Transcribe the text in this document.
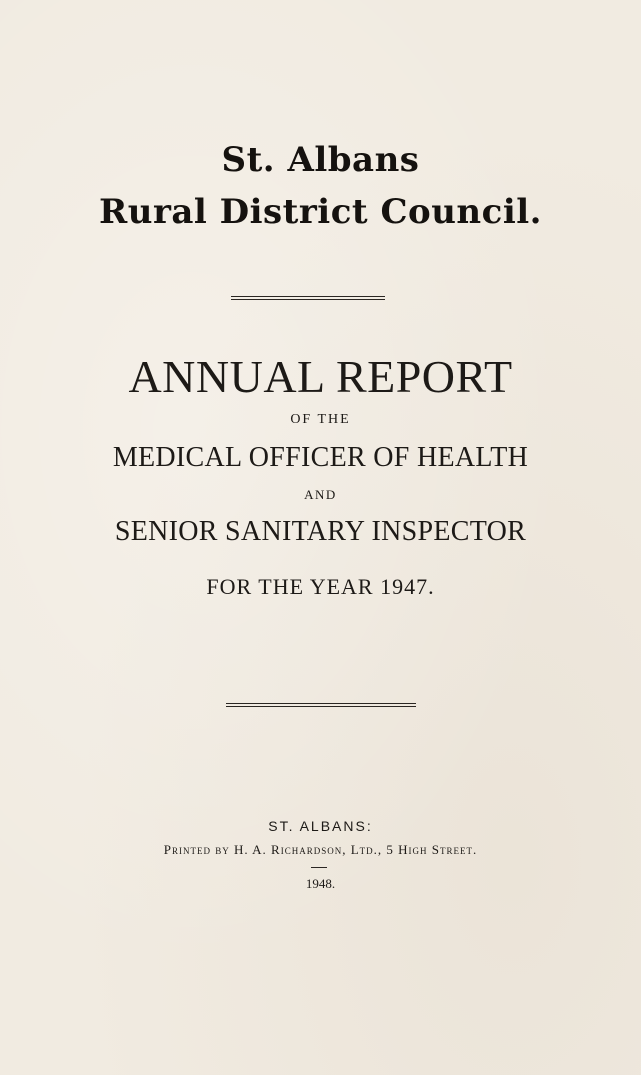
St. Albans
Rural District Council.
ANNUAL REPORT
OF THE
MEDICAL OFFICER OF HEALTH
AND
SENIOR SANITARY INSPECTOR
FOR THE YEAR 1947.
ST. ALBANS:
Printed by H. A. Richardson, Ltd., 5 High Street.
1948.
